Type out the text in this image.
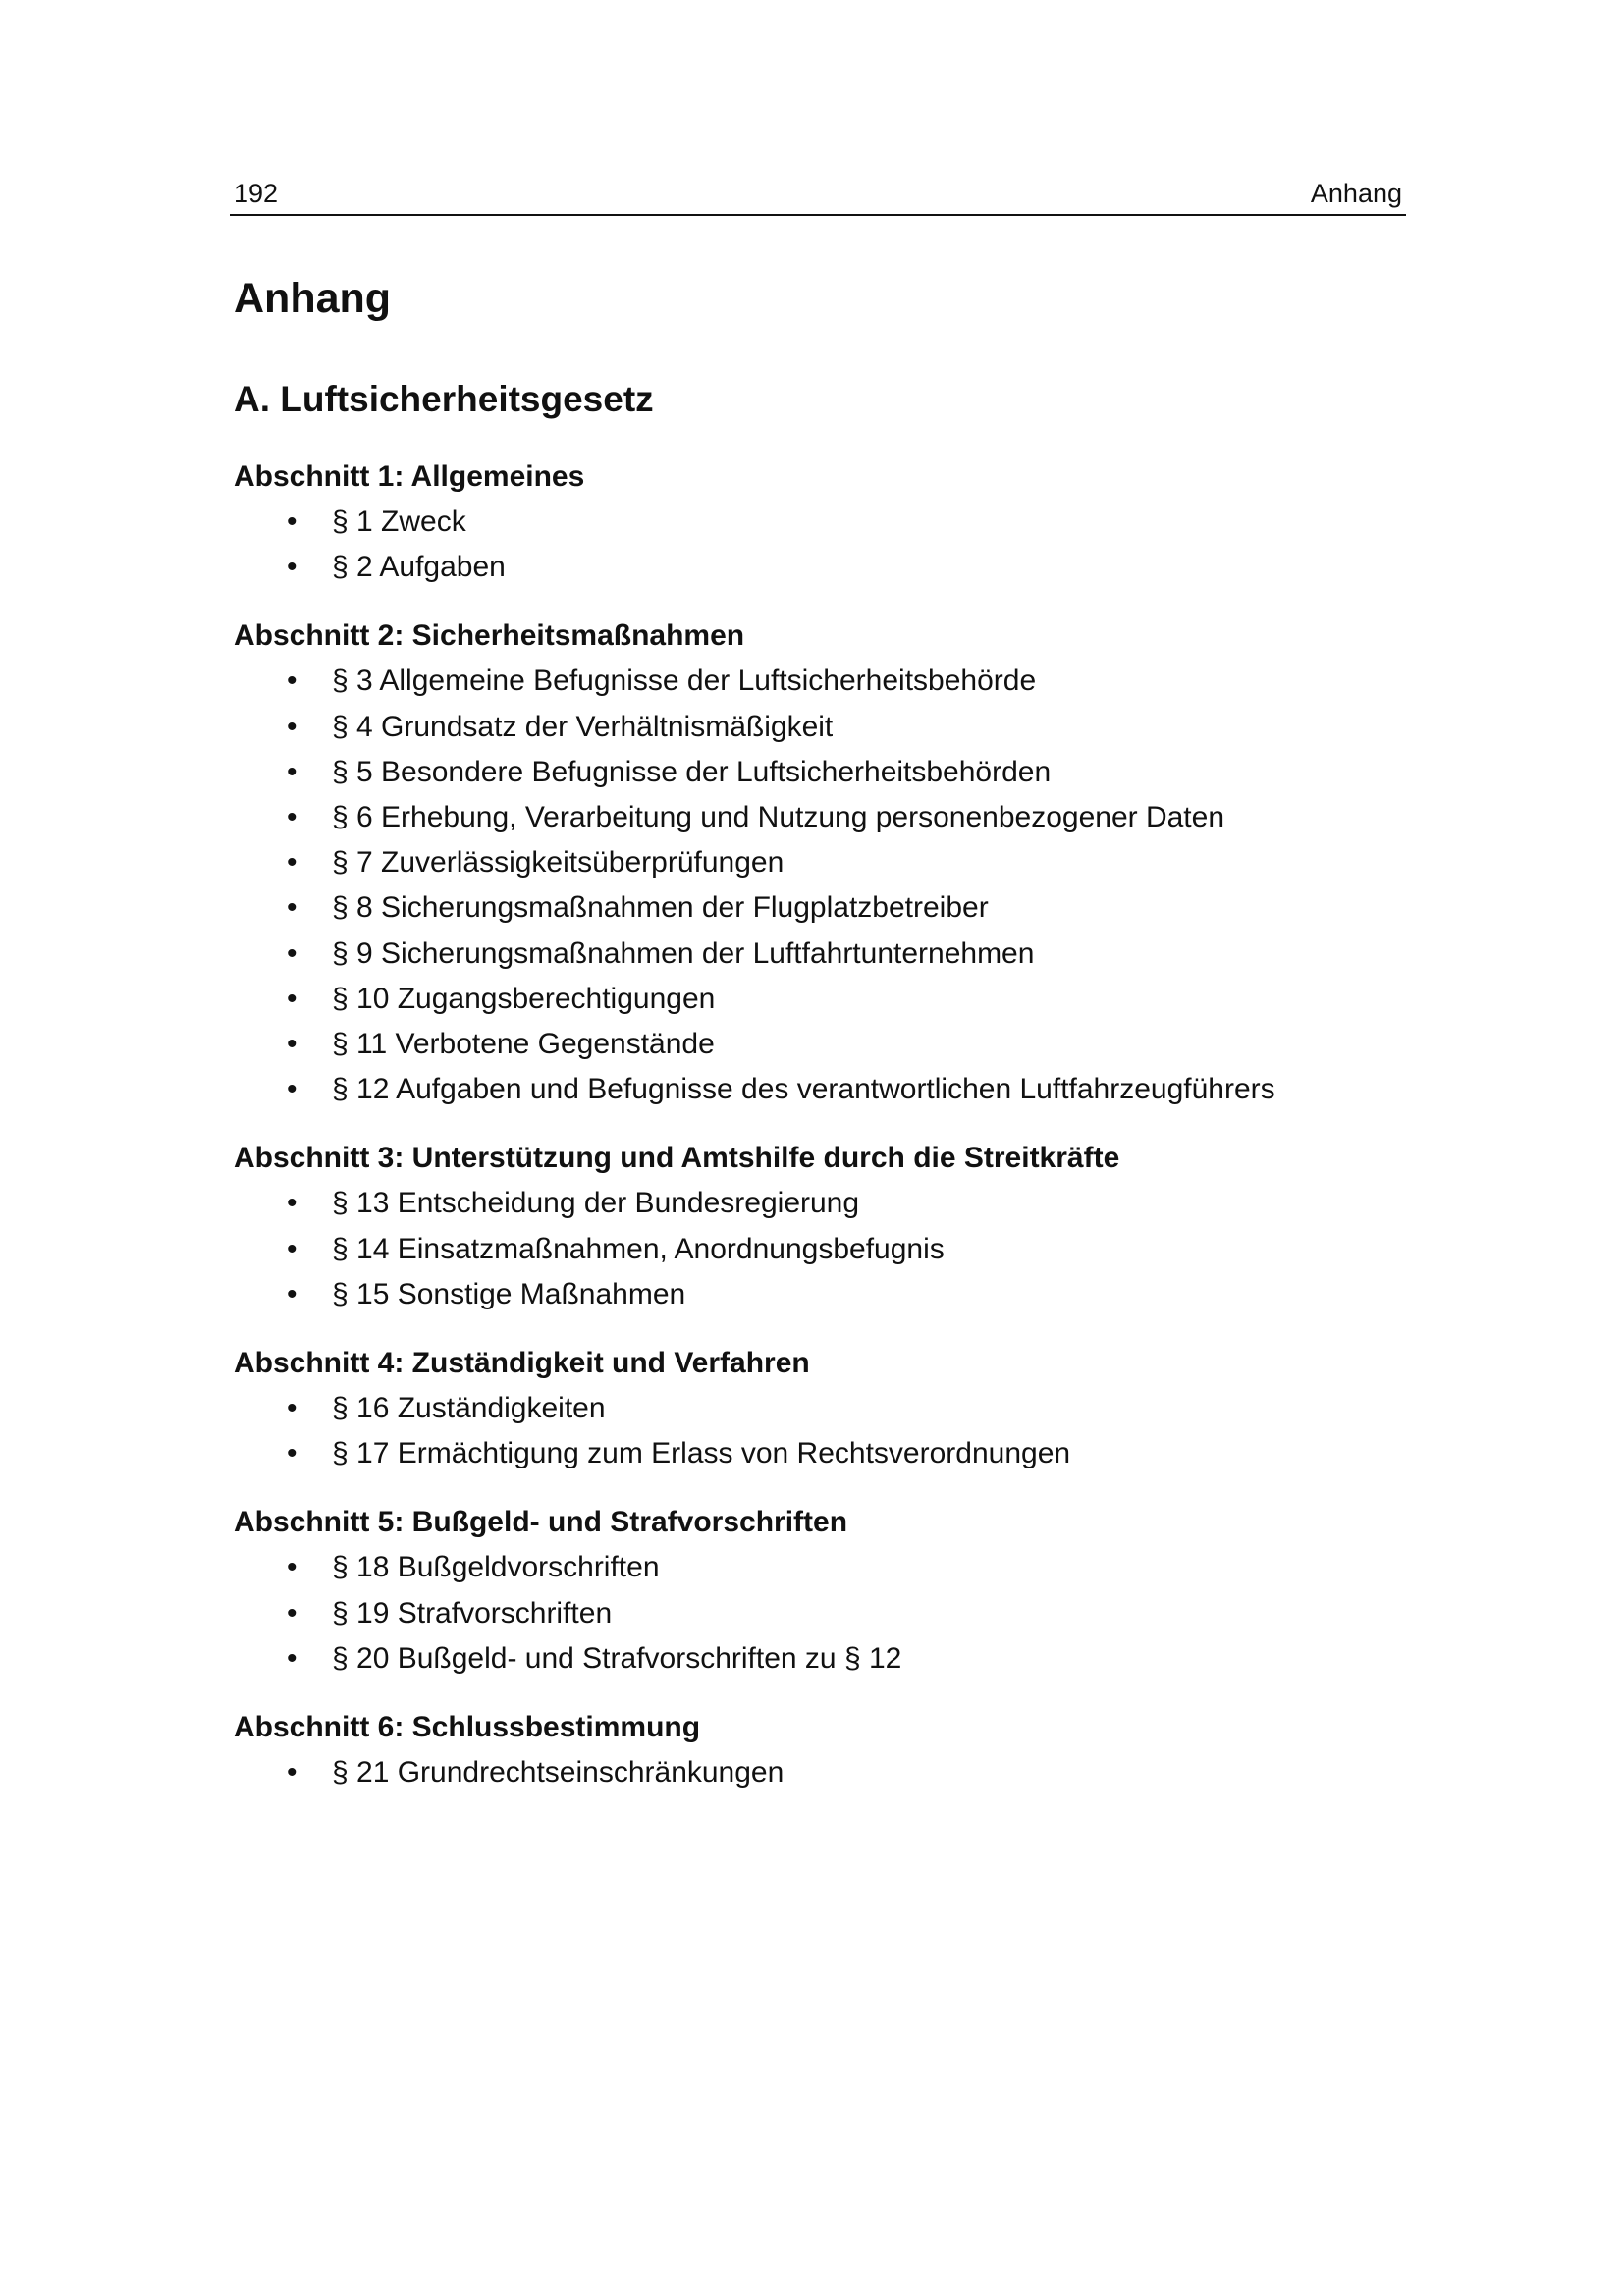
192	Anhang
Anhang
A. Luftsicherheitsgesetz
Abschnitt 1: Allgemeines
• § 1 Zweck
• § 2 Aufgaben
Abschnitt 2: Sicherheitsmaßnahmen
• § 3 Allgemeine Befugnisse der Luftsicherheitsbehörde
• § 4 Grundsatz der Verhältnismäßigkeit
• § 5 Besondere Befugnisse der Luftsicherheitsbehörden
• § 6 Erhebung, Verarbeitung und Nutzung personenbezogener Daten
• § 7 Zuverlässigkeitsüberprüfungen
• § 8 Sicherungsmaßnahmen der Flugplatzbetreiber
• § 9 Sicherungsmaßnahmen der Luftfahrtunternehmen
• § 10 Zugangsberechtigungen
• § 11 Verbotene Gegenstände
• § 12 Aufgaben und Befugnisse des verantwortlichen Luftfahrzeugführers
Abschnitt 3: Unterstützung und Amtshilfe durch die Streitkräfte
• § 13 Entscheidung der Bundesregierung
• § 14 Einsatzmaßnahmen, Anordnungsbefugnis
• § 15 Sonstige Maßnahmen
Abschnitt 4: Zuständigkeit und Verfahren
• § 16 Zuständigkeiten
• § 17 Ermächtigung zum Erlass von Rechtsverordnungen
Abschnitt 5: Bußgeld- und Strafvorschriften
• § 18 Bußgeldvorschriften
• § 19 Strafvorschriften
• § 20 Bußgeld- und Strafvorschriften zu § 12
Abschnitt 6: Schlussbestimmung
• § 21 Grundrechtseinschränkungen
